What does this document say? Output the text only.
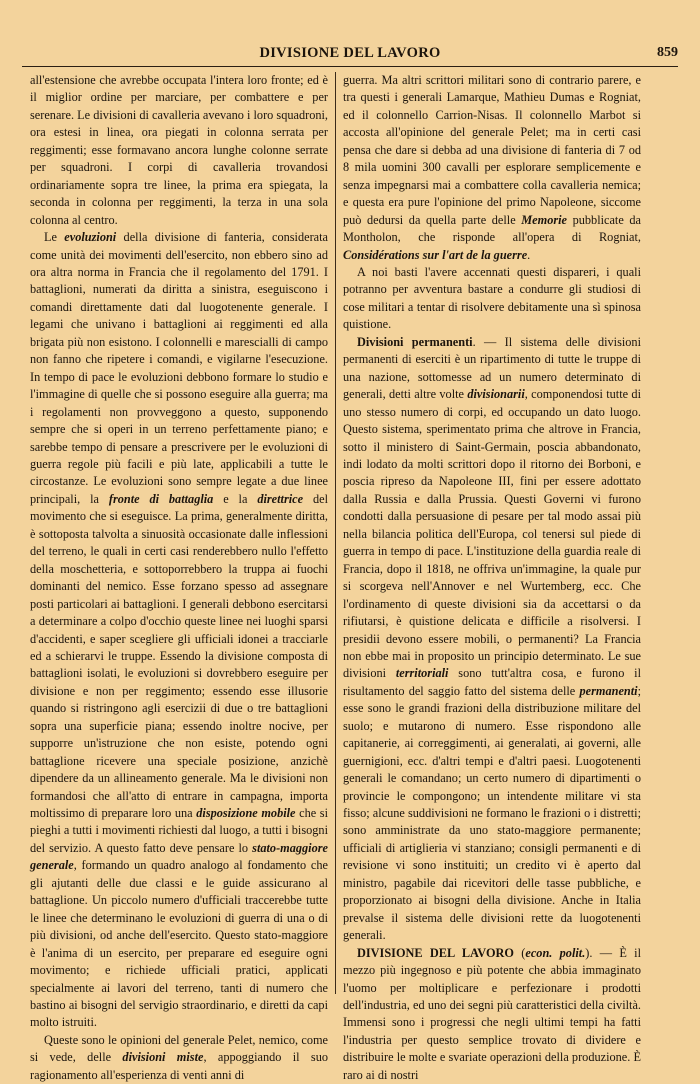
DIVISIONE DEL LAVORO	859

all'estensione che avrebbe occupata l'intera loro fronte; ed è il miglior ordine per marciare, per combattere e per serenare. Le divisioni di cavalleria avevano i loro squadroni, ora estesi in linea, ora piegati in colonna serrata per reggimenti; esse formavano ancora lunghe colonne serrate per squadroni. I corpi di cavalleria trovandosi ordinariamente sopra tre linee, la prima era spiegata, la seconda in colonna per reggimenti, la terza in una sola colonna al centro.

Le evoluzioni della divisione di fanteria, considerata come unità dei movimenti dell'esercito, non ebbero sino ad ora altra norma in Francia che il regolamento del 1791. I battaglioni, numerati da diritta a sinistra, eseguiscono i comandi direttamente dati dal luogotenente generale. I legami che univano i battaglioni ai reggimenti ed alla brigata più non esistono. I colonnelli e marescialli di campo non fanno che ripetere i comandi, e vigilarne l'esecuzione. In tempo di pace le evoluzioni debbono formare lo studio e l'immagine di quelle che si possono eseguire alla guerra; ma i regolamenti non provveggono a questo, supponendo sempre che si operi in un terreno perfettamente piano; e sarebbe tempo di pensare a prescrivere per le evoluzioni di guerra regole più facili e più late, applicabili a tutte le circostanze. Le evoluzioni sono sempre legate a due linee principali, la fronte di battaglia e la direttrice del movimento che si eseguisce. La prima, generalmente diritta, è sottoposta talvolta a sinuosità occasionate dalle inflessioni del terreno, le quali in certi casi renderebbero nullo l'effetto della moschetteria, e sottoporrebbero la truppa ai fuochi dominanti del nemico. Esse forzano spesso ad assegnare posti particolari ai battaglioni. I generali debbono esercitarsi a determinare a colpo d'occhio queste linee nei luoghi sparsi d'accidenti, e saper scegliere gli ufficiali idonei a tracciarle ed a schierarvi le truppe. Essendo la divisione composta di battaglioni isolati, le evoluzioni si dovrebbero eseguire per divisione e non per reggimento; essendo esse illusorie quando si ristringono agli esercizii di due o tre battaglioni sopra una superficie piana; essendo inoltre nocive, per supporre un'istruzione che non esiste, potendo ogni battaglione ricevere una speciale posizione, anzichè dipendere da un allineamento generale. Ma le divisioni non formandosi che all'atto di entrare in campagna, importa moltissimo di preparare loro una disposizione mobile che si pieghi a tutti i movimenti richiesti dal luogo, a tutti i bisogni del servizio. A questo fatto deve pensare lo stato-maggiore generale, formando un quadro analogo al fondamento che gli ajutanti delle due classi e le guide assicurano al battaglione. Un piccolo numero d'ufficiali traccerebbe tutte le linee che determinano le evoluzioni di guerra di una o di più divisioni, od anche dell'esercito. Questo stato-maggiore è l'anima di un esercito, per preparare ed eseguire ogni movimento; e richiede ufficiali pratici, applicati specialmente ai lavori del terreno, tanti di numero che bastino ai bisogni del servigio straordinario, e diretti da capi molto istruiti.

Queste sono le opinioni del generale Pelet, nemico, come si vede, delle divisioni miste, appoggiando il suo ragionamento all'esperienza di venti anni di

guerra. Ma altri scrittori militari sono di contrario parere, e tra questi i generali Lamarque, Mathieu Dumas e Rogniat, ed il colonnello Carrion-Nisas. Il colonnello Marbot si accosta all'opinione del generale Pelet; ma in certi casi pensa che dare si debba ad una divisione di fanteria di 7 od 8 mila uomini 300 cavalli per esplorare semplicemente e senza impegnarsi mai a combattere colla cavalleria nemica; e questa era pure l'opinione del primo Napoleone, siccome può dedursi da quella parte delle Memorie pubblicate da Montholon, che risponde all'opera di Rogniat, Considérations sur l'art de la guerre.

A noi basti l'avere accennati questi dispareri, i quali potranno per avventura bastare a condurre gli studiosi di cose militari a tentar di risolvere debitamente una sì spinosa quistione.

Divisioni permanenti. — Il sistema delle divisioni permanenti di eserciti è un ripartimento di tutte le truppe di una nazione, sottomesse ad un numero determinato di generali, detti altre volte divisionarii, componendosi tutte di uno stesso numero di corpi, ed occupando un dato luogo. Questo sistema, sperimentato prima che altrove in Francia, sotto il ministero di Saint-Germain, poscia abbandonato, indi lodato da molti scrittori dopo il ritorno dei Borboni, e poscia ripreso da Napoleone III, fini per essere adottato dalla Russia e dalla Prussia. Questi Governi vi furono condotti dalla persuasione di pesare per tal modo assai più nella bilancia politica dell'Europa, col tenersi sul piede di guerra in tempo di pace. L'instituzione della guardia reale di Francia, dopo il 1818, ne offriva un'immagine, la quale pur si scorgeva nell'Annover e nel Wurtemberg, ecc. Che l'ordinamento di queste divisioni sia da accettarsi o da rifiutarsi, è quistione delicata e difficile a risolversi. I presidii devono essere mobili, o permanenti? La Francia non ebbe mai in proposito un principio determinato. Le sue divisioni territoriali sono tutt'altra cosa, e furono il risultamento del saggio fatto del sistema delle permanenti; esse sono le grandi frazioni della distribuzione militare del suolo; e mutarono di numero. Esse rispondono alle capitanerie, ai correggimenti, ai generalati, ai governi, alle guernigioni, ecc. d'altri tempi e d'altri paesi. Luogotenenti generali le comandano; un certo numero di dipartimenti o provincie le compongono; un intendente militare vi sta fisso; alcune suddivisioni ne formano le frazioni o i distretti; sono amministrate da uno stato-maggiore permanente; ufficiali di artiglieria vi stanziano; consigli permanenti e di revisione vi sono instituiti; un credito vi è aperto dal ministro, pagabile dai ricevitori delle tasse pubbliche, e proporzionato ai bisogni della divisione. Anche in Italia prevalse il sistema delle divisioni rette da luogotenenti generali.

DIVISIONE DEL LAVORO (econ. polit.). — È il mezzo più ingegnoso e più potente che abbia immaginato l'uomo per moltiplicare e perfezionare i prodotti dell'industria, ed uno dei segni più caratteristici della civiltà. Immensi sono i progressi che negli ultimi tempi ha fatti l'industria per questo semplice trovato di dividere e distribuire le molte e svariate operazioni della produzione. È raro ai di nostri
